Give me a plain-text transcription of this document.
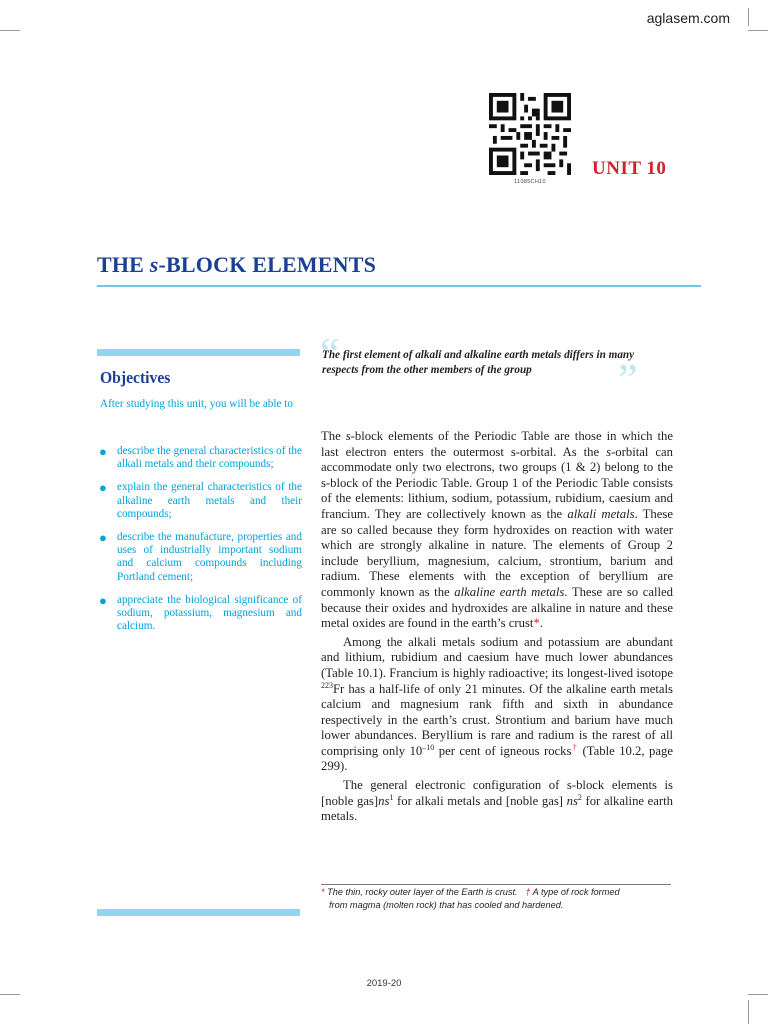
aglasem.com
11085CH10
UNIT 10
THE s-BLOCK ELEMENTS
Objectives
After studying this unit, you will be able to
● describe the general characteristics of the alkali metals and their compounds;
● explain the general characteristics of the alkaline earth metals and their compounds;
● describe the manufacture, properties and uses of industrially important sodium and calcium compounds including Portland cement;
● appreciate the biological significance of sodium, potassium, magnesium and calcium.
“
The first element of alkali and alkaline earth metals differs in many respects from the other members of the group	”

The s-block elements of the Periodic Table are those in which the last electron enters the outermost s-orbital. As the s-orbital can accommodate only two electrons, two groups (1 & 2) belong to the s-block of the Periodic Table. Group 1 of the Periodic Table consists of the elements: lithium, sodium, potassium, rubidium, caesium and francium. They are collectively known as the alkali metals. These are so called because they form hydroxides on reaction with water which are strongly alkaline in nature. The elements of Group 2 include beryllium, magnesium, calcium, strontium, barium and radium. These elements with the exception of beryllium are commonly known as the alkaline earth metals. These are so called because their oxides and hydroxides are alkaline in nature and these metal oxides are found in the earth’s crust*.

Among the alkali metals sodium and potassium are abundant and lithium, rubidium and caesium have much lower abundances (Table 10.1). Francium is highly radioactive; its longest-lived isotope $^{223}$Fr has a half-life of only 21 minutes. Of the alkaline earth metals calcium and magnesium rank fifth and sixth in abundance respectively in the earth’s crust. Strontium and barium have much lower abundances. Beryllium is rare and radium is the rarest of all comprising only $10^{-10}$ per cent of igneous rocks† (Table 10.2, page 299).

The general electronic configuration of s-block elements is [noble $gas]ns^1$ for alkali metals and [noble gas] $ns^2$ for alkaline earth metals.

* The thin, rocky outer layer of the Earth is crust. † A type of rock formed
from magma (molten rock) that has cooled and hardened.
2019-20
